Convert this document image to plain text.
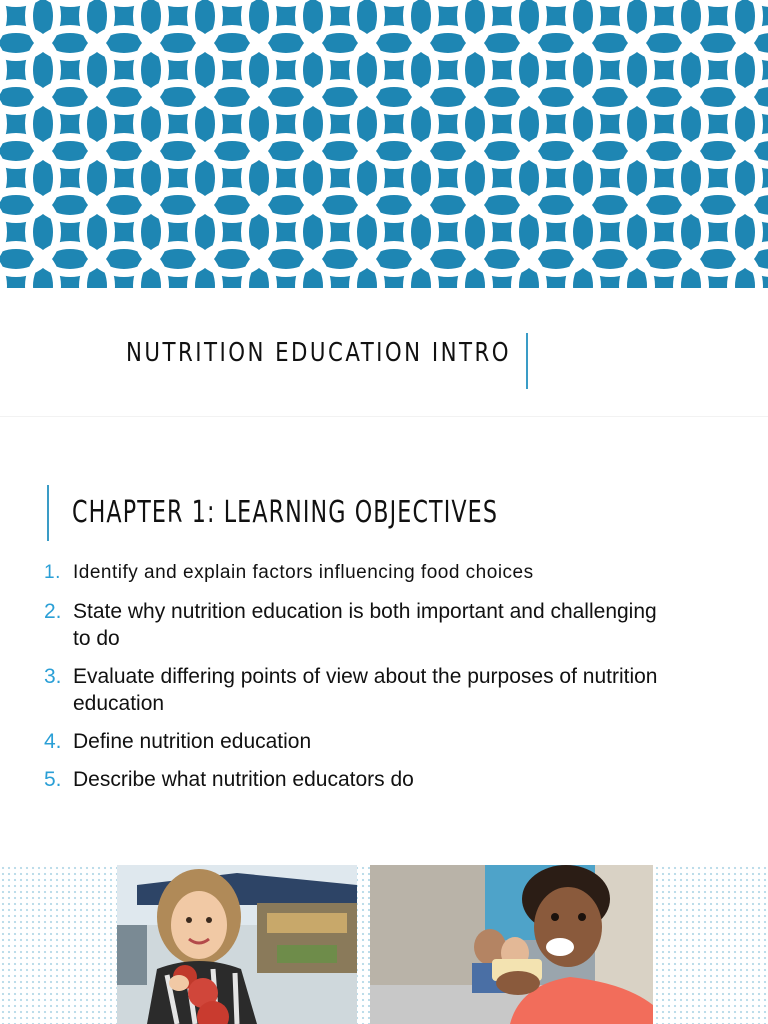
NUTRITION EDUCATION INTRO
CHAPTER 1: LEARNING OBJECTIVES
1. Identify and explain factors influencing food choices
2. State why nutrition education is both important and challenging to do
3. Evaluate differing points of view about the purposes of nutrition education
4. Define nutrition education
5. Describe what nutrition educators do
